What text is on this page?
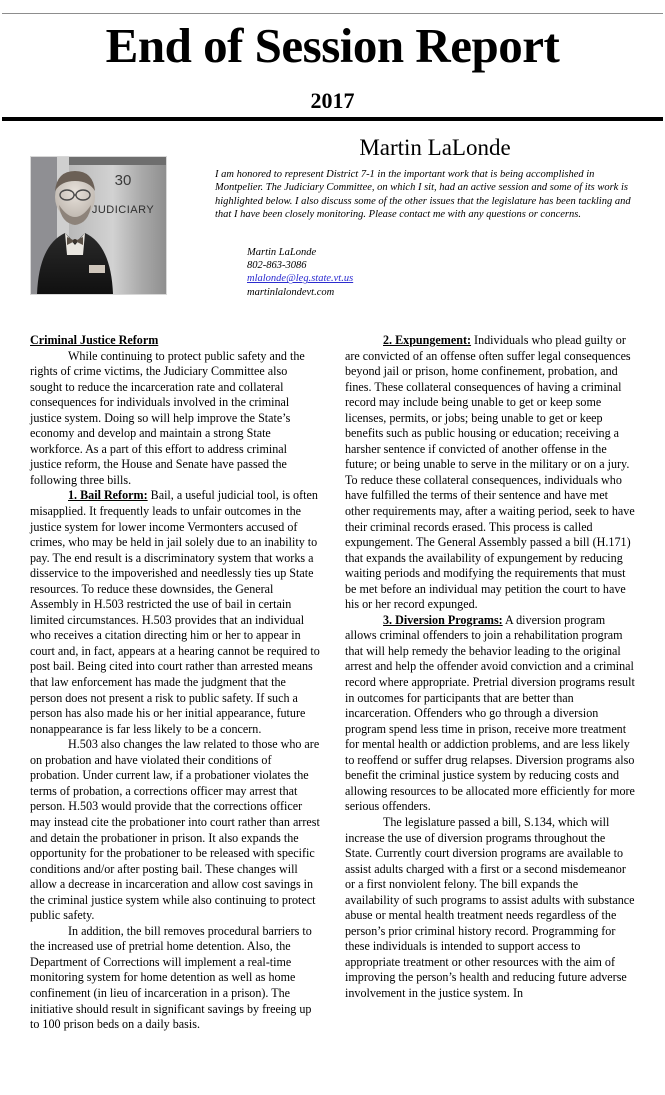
End of Session Report
2017
Martin LaLonde
30
JUDICIARY
I am honored to represent District 7-1 in the important work that is being accomplished in Montpelier. The Judiciary Committee, on which I sit, had an active session and some of its work is highlighted below. I also discuss some of the other issues that the legislature has been tackling and that I have been closely monitoring. Please contact me with any questions or concerns.
Martin LaLonde
802-863-3086
mlalonde@leg.state.vt.us
martinlalondevt.com
Criminal Justice Reform

While continuing to protect public safety and the rights of crime victims, the Judiciary Committee also sought to reduce the incarceration rate and collateral consequences for individuals involved in the criminal justice system. Doing so will help improve the State’s economy and develop and maintain a strong State workforce. As a part of this effort to address criminal justice reform, the House and Senate have passed the following three bills.

1. Bail Reform: Bail, a useful judicial tool, is often misapplied. It frequently leads to unfair outcomes in the justice system for lower income Vermonters accused of crimes, who may be held in jail solely due to an inability to pay. The end result is a discriminatory system that works a disservice to the impoverished and needlessly ties up State resources. To reduce these downsides, the General Assembly in H.503 restricted the use of bail in certain limited circumstances. H.503 provides that an individual who receives a citation directing him or her to appear in court and, in fact, appears at a hearing cannot be required to post bail. Being cited into court rather than arrested means that law enforcement has made the judgment that the person does not present a risk to public safety. If such a person has also made his or her initial appearance, future nonappearance is far less likely to be a concern.

H.503 also changes the law related to those who are on probation and have violated their conditions of probation. Under current law, if a probationer violates the terms of probation, a corrections officer may arrest that person. H.503 would provide that the corrections officer may instead cite the probationer into court rather than arrest and detain the probationer in prison. It also expands the opportunity for the probationer to be released with specific conditions and/or after posting bail. These changes will allow a decrease in incarceration and allow cost savings in the criminal justice system while also continuing to protect public safety.

In addition, the bill removes procedural barriers to the increased use of pretrial home detention. Also, the Department of Corrections will implement a real-time monitoring system for home detention as well as home confinement (in lieu of incarceration in a prison). The initiative should result in significant savings by freeing up to 100 prison beds on a daily basis.

2. Expungement: Individuals who plead guilty or are convicted of an offense often suffer legal consequences beyond jail or prison, home confinement, probation, and fines. These collateral consequences of having a criminal record may include being unable to get or keep some licenses, permits, or jobs; being unable to get or keep benefits such as public housing or education; receiving a harsher sentence if convicted of another offense in the future; or being unable to serve in the military or on a jury. To reduce these collateral consequences, individuals who have fulfilled the terms of their sentence and have met other requirements may, after a waiting period, seek to have their criminal records erased. This process is called expungement. The General Assembly passed a bill (H.171) that expands the availability of expungement by reducing waiting periods and modifying the requirements that must be met before an individual may petition the court to have his or her record expunged.

3. Diversion Programs: A diversion program allows criminal offenders to join a rehabilitation program that will help remedy the behavior leading to the original arrest and help the offender avoid conviction and a criminal record where appropriate. Pretrial diversion programs result in outcomes for participants that are better than incarceration. Offenders who go through a diversion program spend less time in prison, receive more treatment for mental health or addiction problems, and are less likely to reoffend or suffer drug relapses. Diversion programs also benefit the criminal justice system by reducing costs and allowing resources to be allocated more efficiently for more serious offenders.

The legislature passed a bill, S.134, which will increase the use of diversion programs throughout the State. Currently court diversion programs are available to assist adults charged with a first or a second misdemeanor or a first nonviolent felony. The bill expands the availability of such programs to assist adults with substance abuse or mental health treatment needs regardless of the person’s prior criminal history record. Programming for these individuals is intended to support access to appropriate treatment or other resources with the aim of improving the person’s health and reducing future adverse involvement in the justice system. In
